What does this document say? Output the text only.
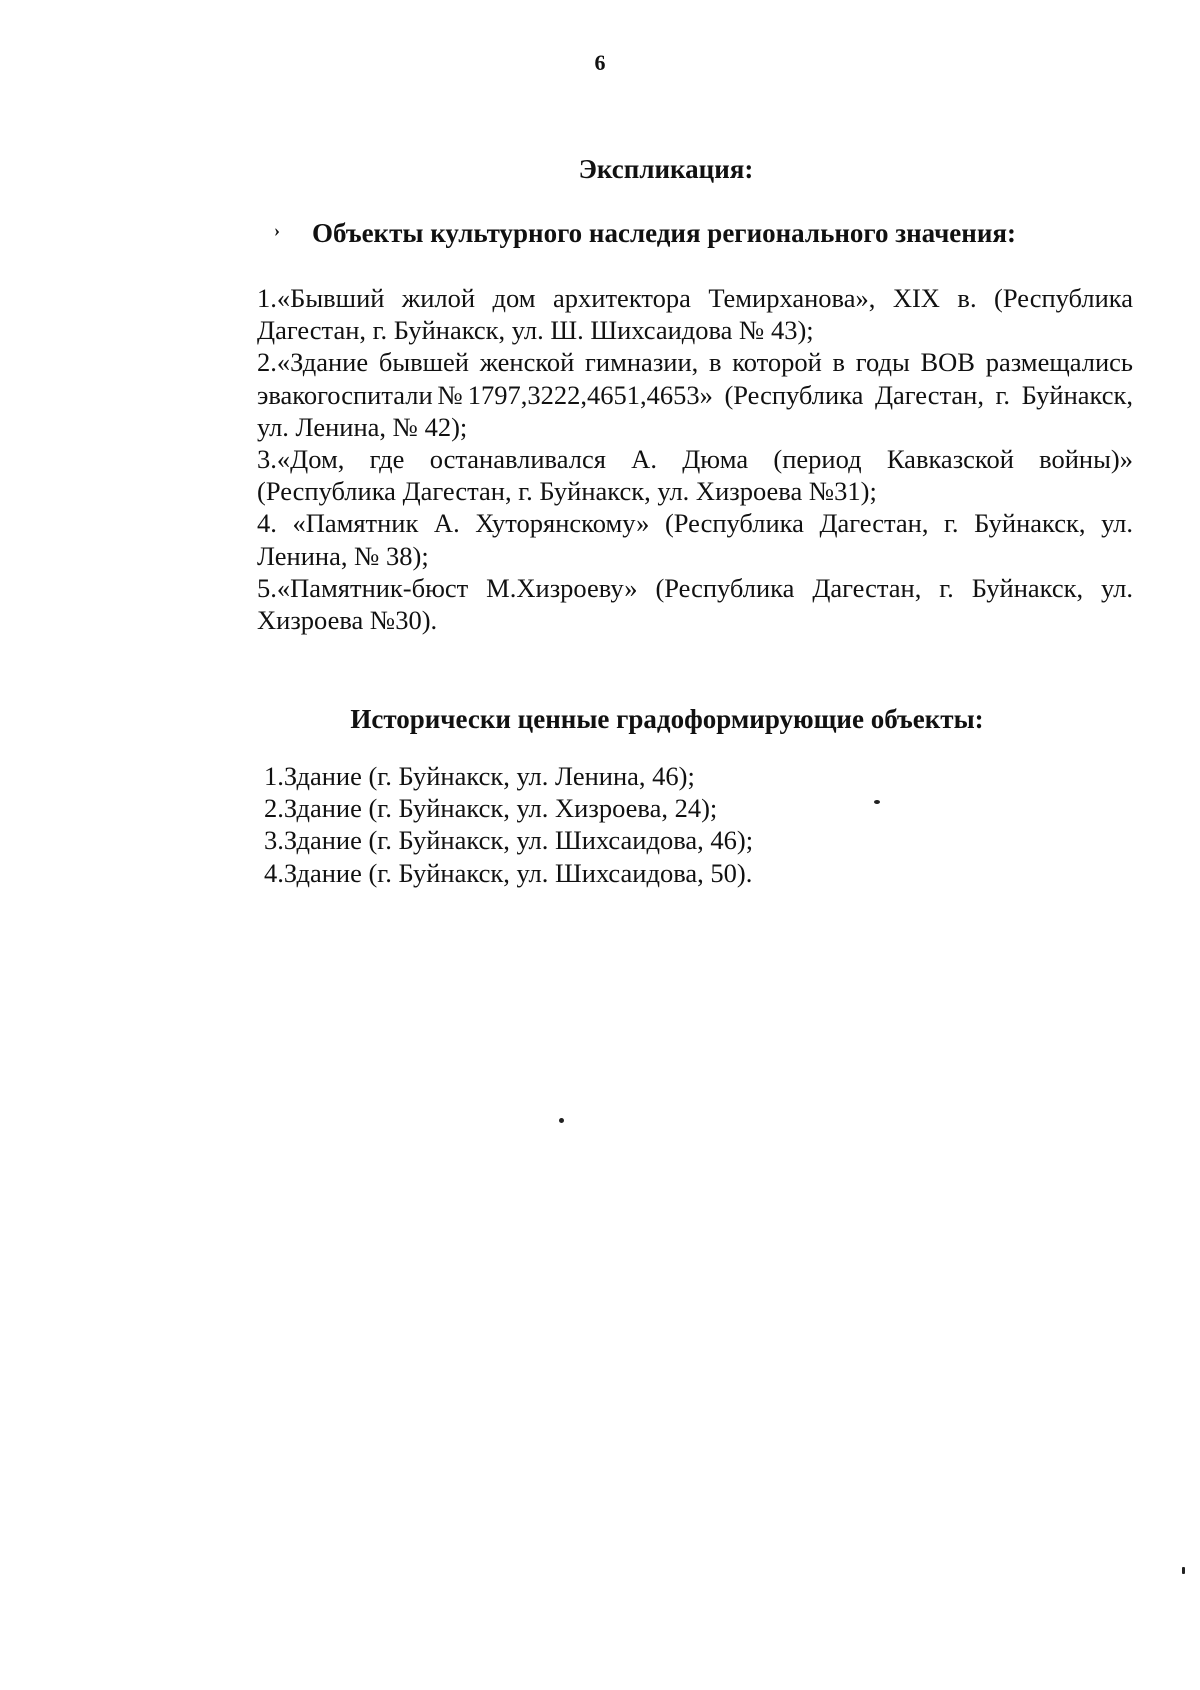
6
Экспликация:
› Объекты культурного наследия регионального значения:

1.«Бывший жилой дом архитектора Темирханова», XIX в. (Республика Дагестан, г. Буйнакск, ул. Ш. Шихсаидова № 43);

2.«Здание бывшей женской гимназии, в которой в годы ВОВ размещались эвакогоспитали№1797,3222,4651,4653» (Республика Дагестан, г. Буйнакск, ул. Ленина, № 42);

3.«Дом, где останавливался А. Дюма (период Кавказской войны)» (Республика Дагестан, г. Буйнакск, ул. Хизроева №31);

4. «Памятник А. Хуторянскому» (Республика Дагестан, г. Буйнакск, ул. Ленина, № 38);

5.«Памятник-бюст М.Хизроеву» (Республика Дагестан, г. Буйнакск, ул. Хизроева №30).

Исторически ценные градоформирующие объекты:

1.Здание (г. Буйнакск, ул. Ленина, 46);

2.Здание (г. Буйнакск, ул. Хизроева, 24);

3.Здание (г. Буйнакск, ул. Шихсаидова, 46);

4.Здание (г. Буйнакск, ул. Шихсаидова, 50).
